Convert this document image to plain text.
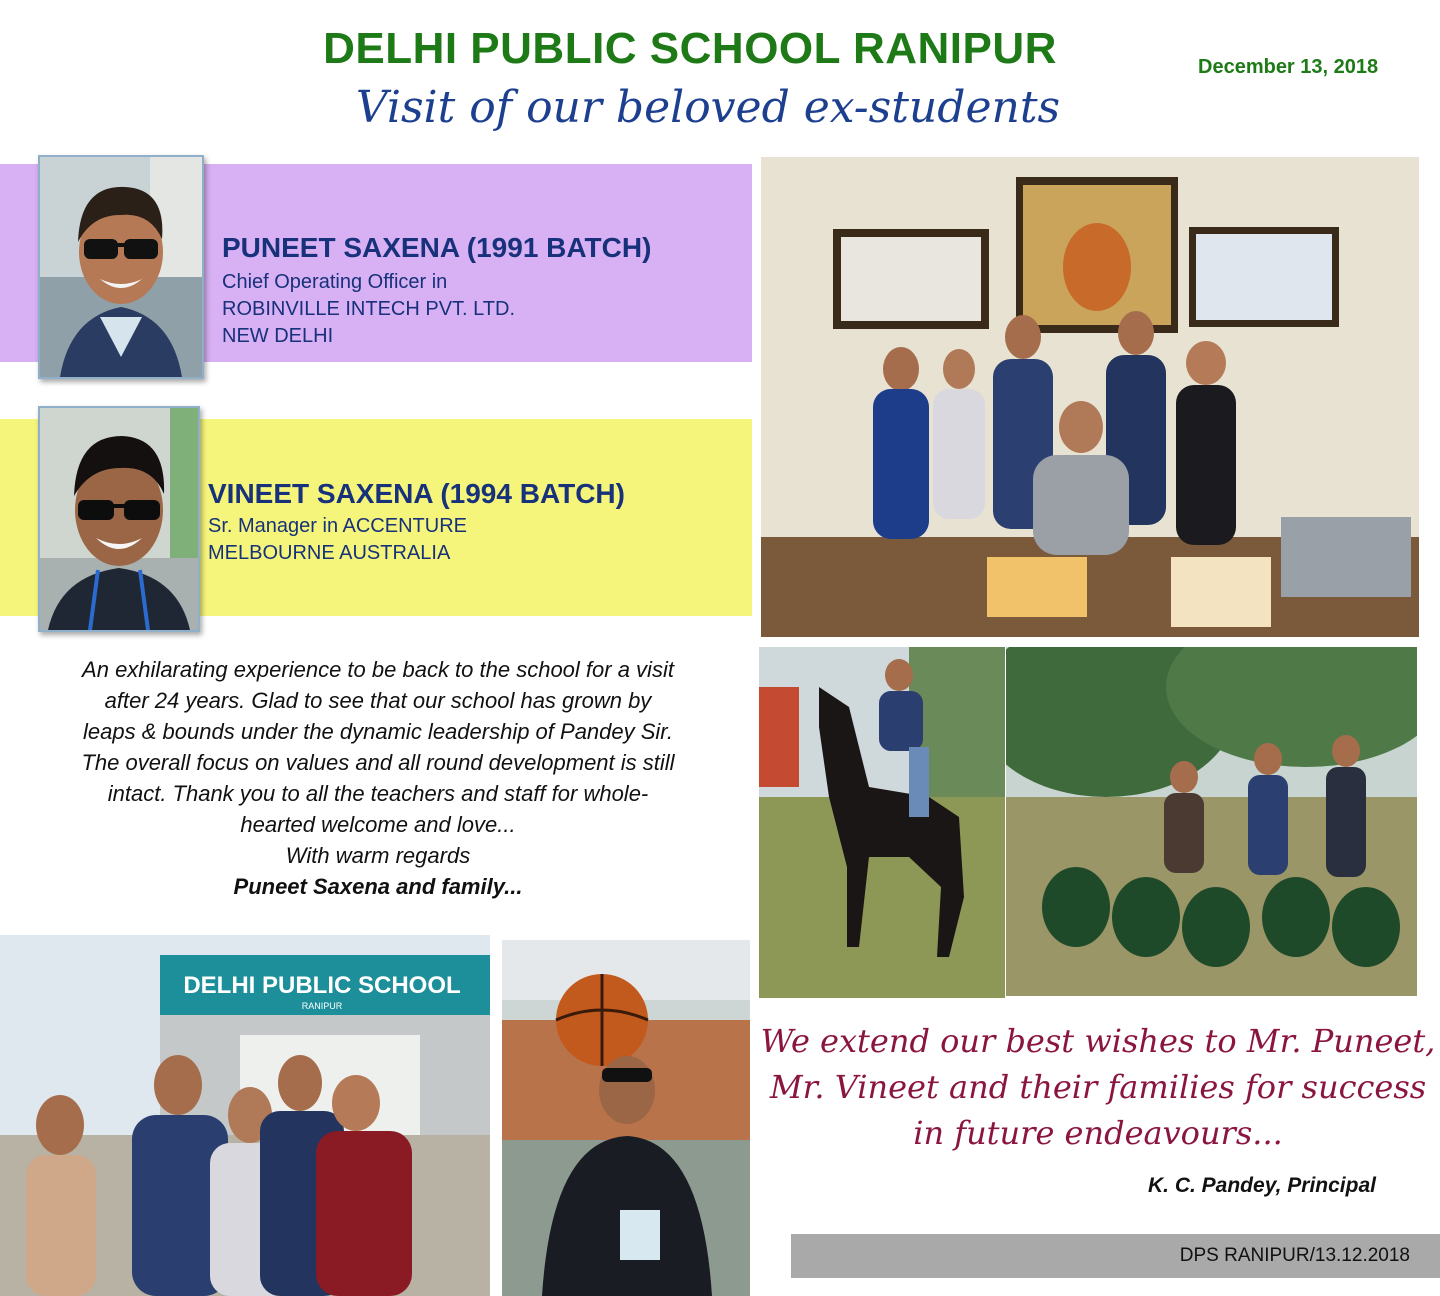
DELHI PUBLIC SCHOOL RANIPUR
Visit of our beloved ex-students
December 13, 2018
PUNEET SAXENA (1991 BATCH)
Chief Operating Officer in
ROBINVILLE INTECH PVT. LTD.
NEW DELHI
VINEET SAXENA (1994 BATCH)
Sr. Manager in ACCENTURE
MELBOURNE AUSTRALIA
An exhilarating experience to be back to the school for a visit
after 24 years. Glad to see that our school has grown by
leaps & bounds under the dynamic leadership of Pandey Sir.
The overall focus on values and all round development is still
intact. Thank you to all the teachers and staff for whole-
hearted welcome and love...
With warm regards
Puneet Saxena and family...
DELHI PUBLIC SCHOOL
RANIPUR
We extend our best wishes to Mr. Puneet,
Mr. Vineet and their families for success
in future endeavours...
K. C. Pandey, Principal
DPS RANIPUR/13.12.2018
